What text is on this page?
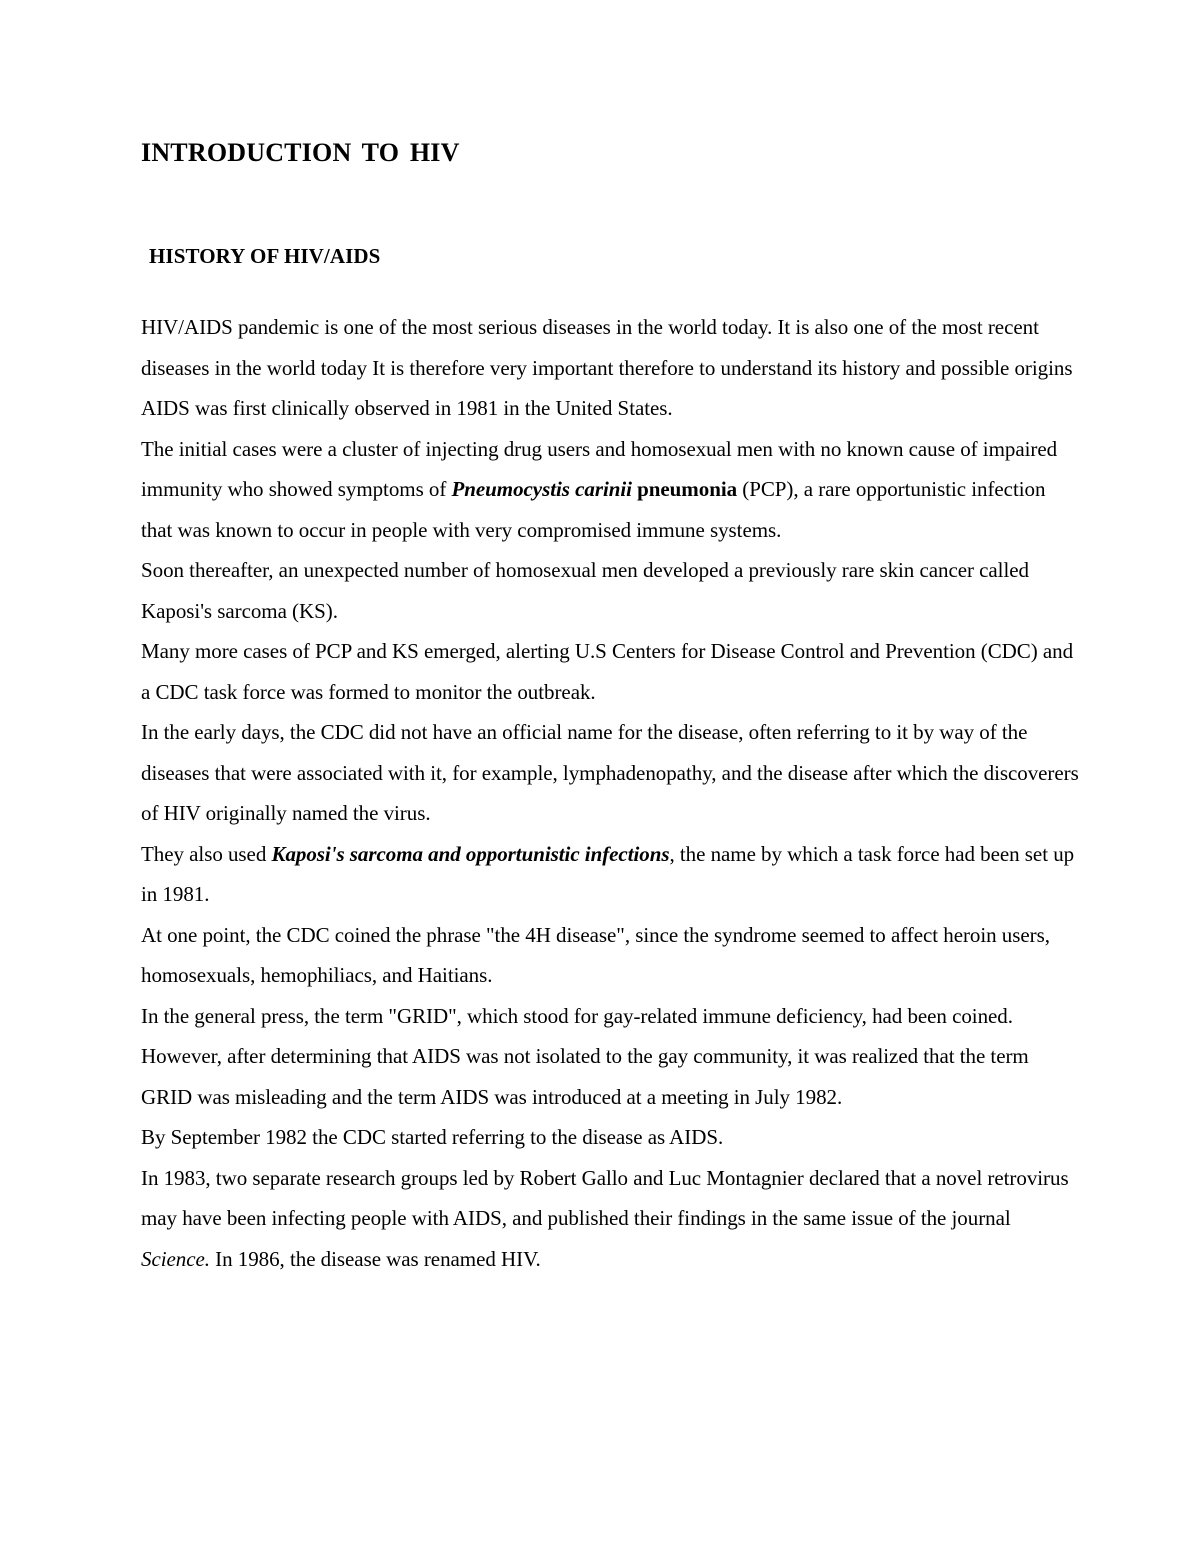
INTRODUCTION TO HIV
HISTORY OF HIV/AIDS

HIV/AIDS pandemic is one of the most serious diseases in the world today. It is also one of the most recent diseases in the world today It is therefore very important therefore to understand its history and possible origins

AIDS was first clinically observed in 1981 in the United States.

The initial cases were a cluster of injecting drug users and homosexual men with no known cause of impaired immunity who showed symptoms of Pneumocystis carinii pneumonia (PCP), a rare opportunistic infection that was known to occur in people with very compromised immune systems.

Soon thereafter, an unexpected number of homosexual men developed a previously rare skin cancer called Kaposi's sarcoma (KS).

Many more cases of PCP and KS emerged, alerting U.S Centers for Disease Control and Prevention (CDC) and a CDC task force was formed to monitor the outbreak.

In the early days, the CDC did not have an official name for the disease, often referring to it by way of the diseases that were associated with it, for example, lymphadenopathy, and the disease after which the discoverers of HIV originally named the virus.

They also used Kaposi's sarcoma and opportunistic infections, the name by which a task force had been set up in 1981.

At one point, the CDC coined the phrase "the 4H disease", since the syndrome seemed to affect heroin users, homosexuals, hemophiliacs, and Haitians.

In the general press, the term "GRID", which stood for gay-related immune deficiency, had been coined.

However, after determining that AIDS was not isolated to the gay community, it was realized that the term GRID was misleading and the term AIDS was introduced at a meeting in July 1982.

By September 1982 the CDC started referring to the disease as AIDS.

In 1983, two separate research groups led by Robert Gallo and Luc Montagnier declared that a novel retrovirus may have been infecting people with AIDS, and published their findings in the same issue of the journal Science. In 1986, the disease was renamed HIV.
